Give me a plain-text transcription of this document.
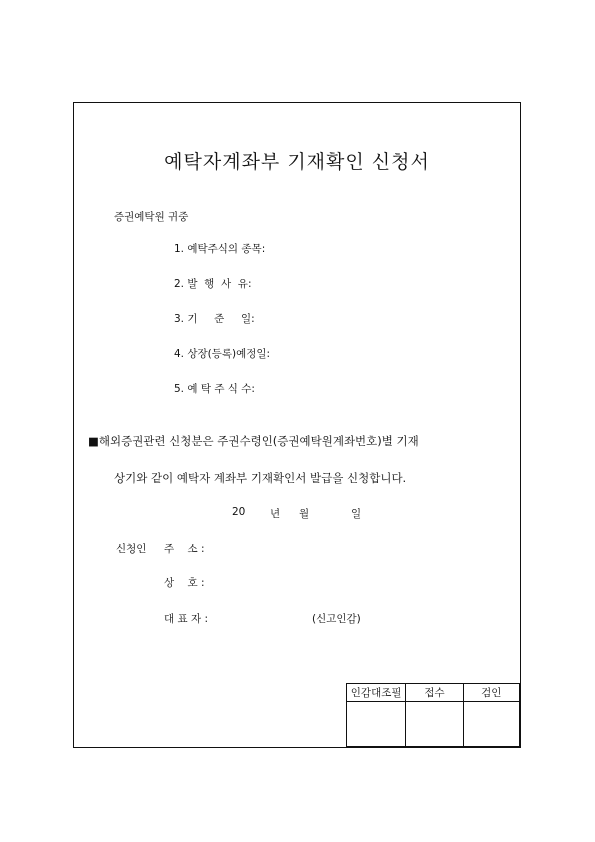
예탁자계좌부 기재확인 신청서
증권예탁원 귀중
1. 예탁주식의 종목:
2. 발  행  사  유:
3. 기     준     일:
4. 상장(등록)예정일:
5. 예 탁 주 식 수:
■해외증권관련 신청분은 주권수령인(증권예탁원계좌번호)별 기재
상기와 같이 예탁자 계좌부 기재확인서 발급을 신청합니다.
20 년 월	일
신청인 주    소 :
상    호 :
대 표 자 :	(신고인감)
인감대조필	접수	검인
